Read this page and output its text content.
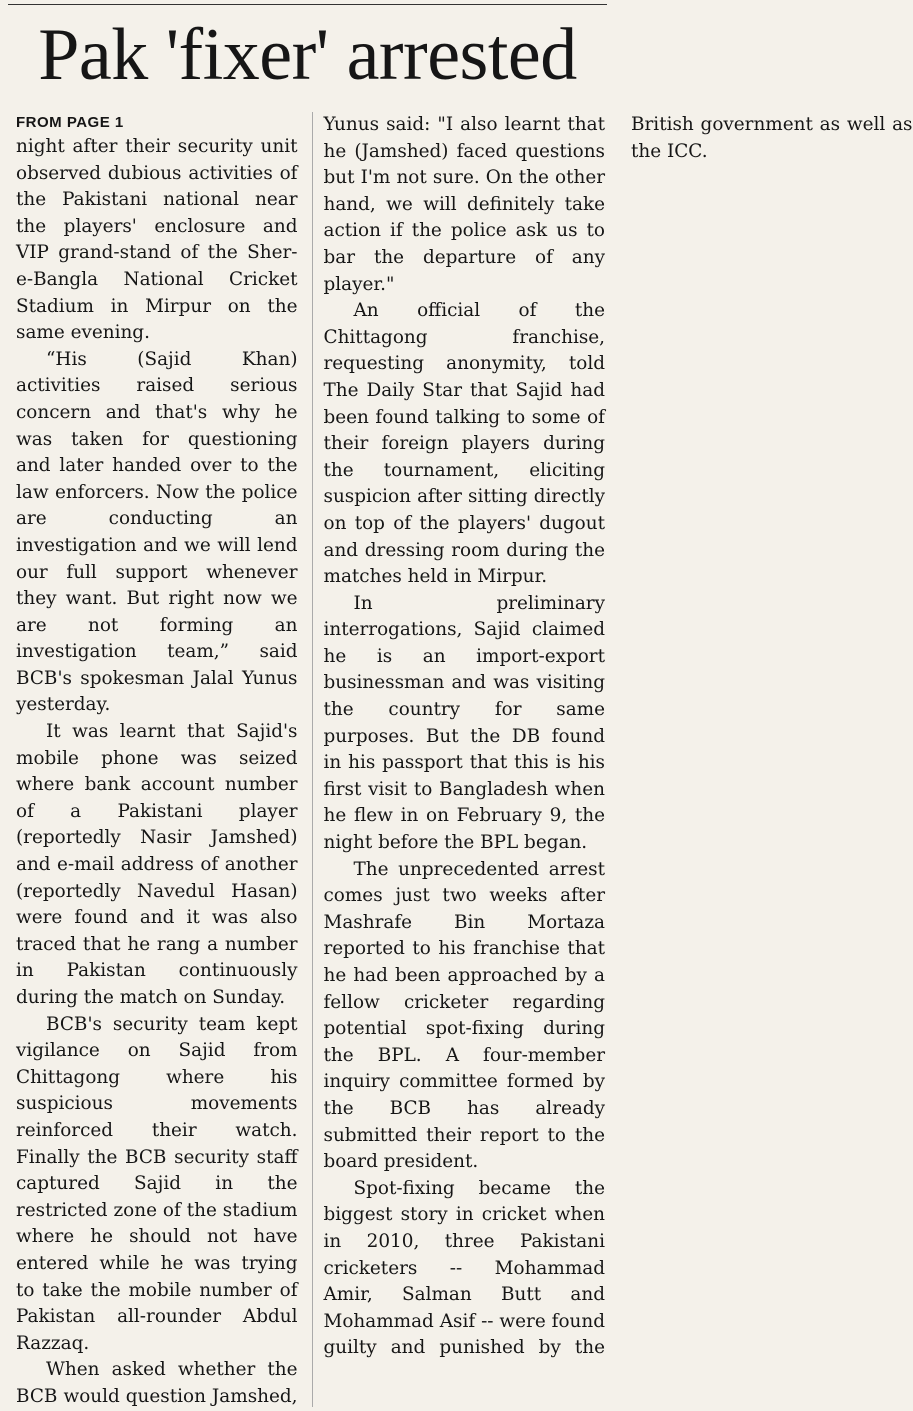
Pak 'fixer' arrested
FROM PAGE 1

night after their security unit observed dubious activities of the Pakistani national near the players' enclosure and VIP grand-stand of the Sher-e-Bangla National Cricket Stadium in Mirpur on the same evening.

“His (Sajid Khan) activities raised serious concern and that's why he was taken for questioning and later handed over to the law enforcers. Now the police are conducting an investigation and we will lend our full support whenever they want. But right now we are not forming an investigation team,” said BCB's spokesman Jalal Yunus yesterday.

It was learnt that Sajid's mobile phone was seized where bank account number of a Pakistani player (reportedly Nasir Jamshed) and e-mail address of another (reportedly Navedul Hasan) were found and it was also traced that he rang a number in Pakistan continuously during the match on Sunday.

BCB's security team kept vigilance on Sajid from Chittagong where his suspicious movements reinforced their watch. Finally the BCB security staff captured Sajid in the restricted zone of the stadium where he should not have entered while he was trying to take the mobile number of Pakistan all-rounder Abdul Razzaq.

When asked whether the BCB would question Jamshed, Yunus said: "I also learnt that he (Jamshed) faced questions but I'm not sure. On the other hand, we will definitely take action if the police ask us to bar the departure of any player."

An official of the Chittagong franchise, requesting anonymity, told The Daily Star that Sajid had been found talking to some of their foreign players during the tournament, eliciting suspicion after sitting directly on top of the players' dugout and dressing room during the matches held in Mirpur.

In preliminary interrogations, Sajid claimed he is an import-export businessman and was visiting the country for same purposes. But the DB found in his passport that this is his first visit to Bangladesh when he flew in on February 9, the night before the BPL began.

The unprecedented arrest comes just two weeks after Mashrafe Bin Mortaza reported to his franchise that he had been approached by a fellow cricketer regarding potential spot-fixing during the BPL. A four-member inquiry committee formed by the BCB has already submitted their report to the board president.

Spot-fixing became the biggest story in cricket when in 2010, three Pakistani cricketers -- Mohammad Amir, Salman Butt and Mohammad Asif -- were found guilty and punished by the British government as well as the ICC.
